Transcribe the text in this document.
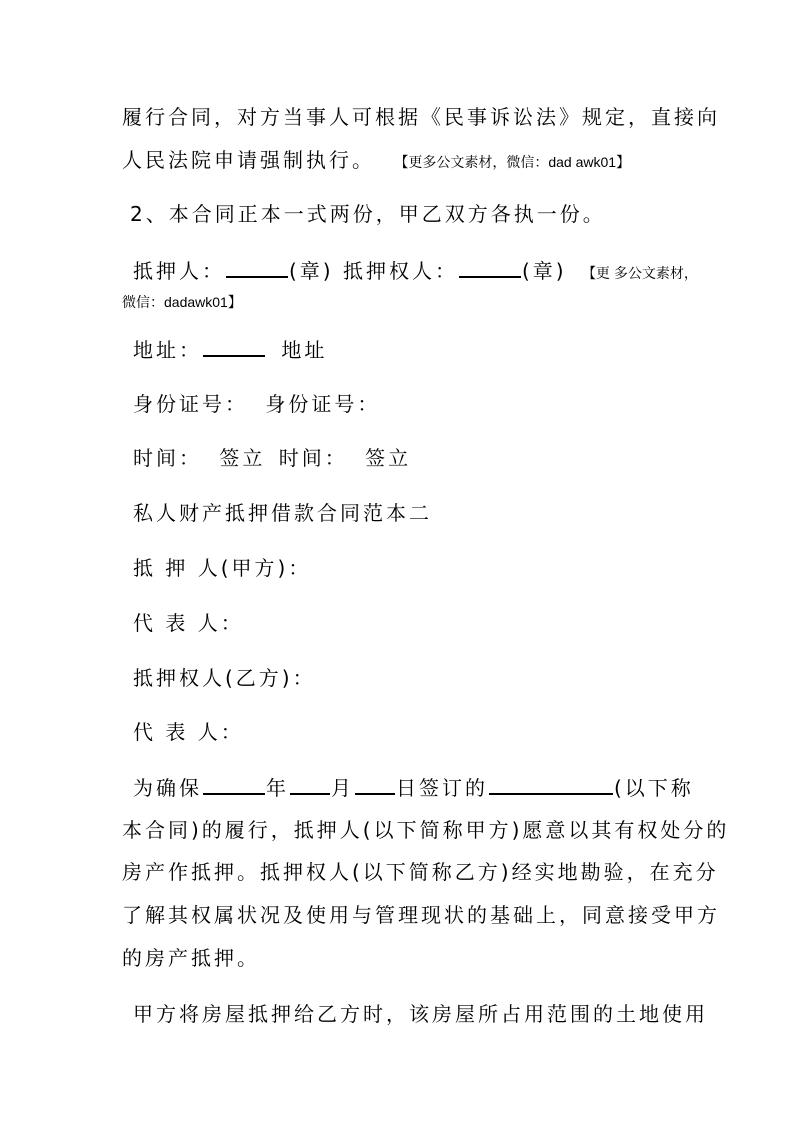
履行合同，对方当事人可根据《民事诉讼法》规定，直接向
人民法院申请强制执行。 【更多公文素材，微信：dad awk01】
2、本合同正本一式两份，甲乙双方各执一份。
抵押人：	(章) 抵押权人：	(章) 【更 多公文素材，
微信：dadawk01】
地址：	地址
身份证号： 身份证号：
时间： 签立 时间： 签立
私人财产抵押借款合同范本二
抵 押 人(甲方)：
代 表 人：
抵押权人(乙方)：
代 表 人：
为确保	年 月 日签订的	(以下称
本合同)的履行，抵押人(以下简称甲方)愿意以其有权处分的
房产作抵押。抵押权人(以下简称乙方)经实地勘验，在充分
了解其权属状况及使用与管理现状的基础上，同意接受甲方
的房产抵押。
甲方将房屋抵押给乙方时，该房屋所占用范围的土地使用
